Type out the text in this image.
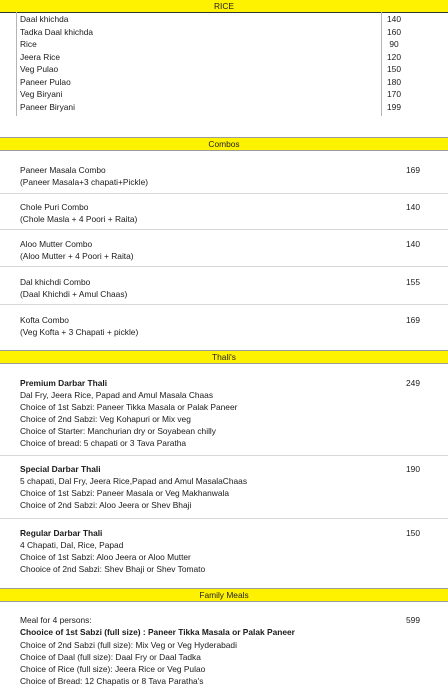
RICE
Daal khichda	140
Tadka Daal khichda	160
Rice	90
Jeera Rice	120
Veg Pulao	150
Paneer Pulao	180
Veg Biryani	170
Paneer Biryani	199
Combos
Paneer Masala Combo	169
(Paneer Masala+3 chapati+Pickle)
Chole Puri Combo	140
(Chole Masla + 4 Poori + Raita)
Aloo Mutter Combo	140
(Aloo Mutter + 4 Poori + Raita)
Dal khichdi Combo	155
(Daal Khichdi + Amul Chaas)
Kofta Combo	169
(Veg Kofta + 3 Chapati + pickle)
Thali's
Premium Darbar Thali	249
Dal Fry, Jeera Rice, Papad and Amul Masala Chaas
Choice of 1st Sabzi: Paneer Tikka Masala or Palak Paneer
Choice of 2nd Sabzi: Veg Kohapuri or Mix veg
Choice of Starter: Manchurian dry or Soyabean chilly
Choice of bread: 5 chapati or 3 Tava Paratha
Special Darbar Thali	190
5 chapati, Dal Fry, Jeera Rice,Papad and Amul MasalaChaas
Choice of 1st Sabzi: Paneer Masala or Veg Makhanwala
Choice of 2nd Sabzi: Aloo Jeera or Shev Bhaji
Regular Darbar Thali	150
4 Chapati, Dal, Rice, Papad
Choice of 1st Sabzi: Aloo Jeera or Aloo Mutter
Chooice of 2nd Sabzi: Shev Bhaji or Shev Tomato
Family Meals
Meal for 4 persons:	599
Chooice of 1st Sabzi (full size) : Paneer Tikka Masala or Palak Paneer
Choice of 2nd Sabzi (full size): Mix Veg or Veg Hyderabadi
Choice of Daal (full size): Daal Fry or Daal Tadka
Choice of Rice (full size): Jeera Rice or Veg Pulao
Choice of Bread: 12 Chapatis or 8 Tava Paratha's
